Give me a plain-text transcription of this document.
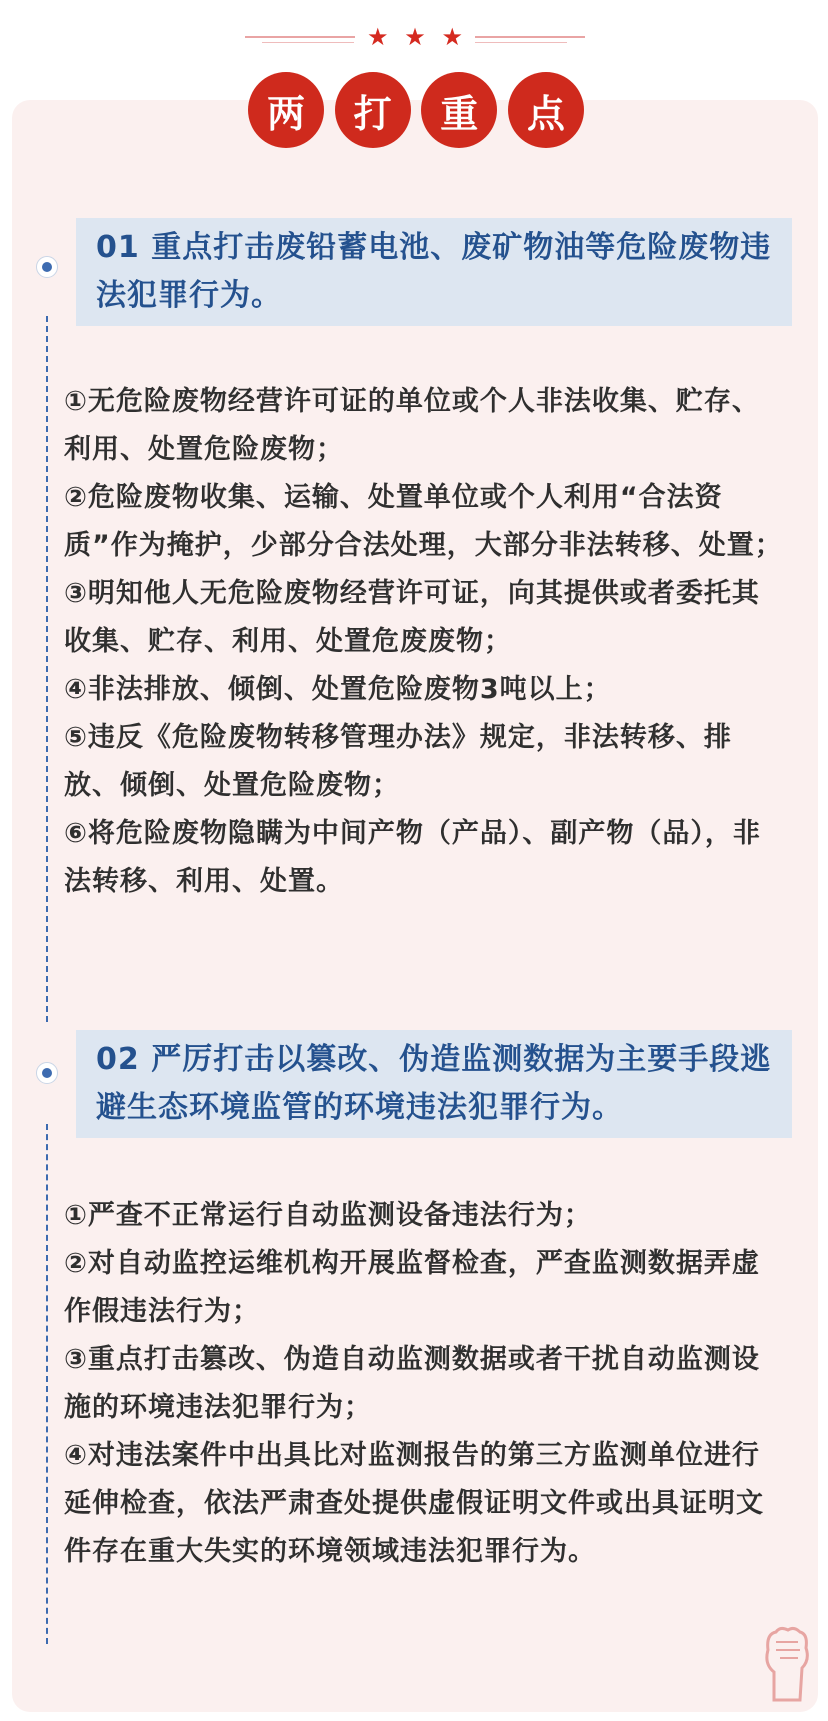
★ ★ ★
两	打	重	点
01 重点打击废铅蓄电池、废矿物油等危险废物违法犯罪行为。

①无危险废物经营许可证的单位或个人非法收集、贮存、利用、处置危险废物；

②危险废物收集、运输、处置单位或个人利用“合法资质”作为掩护，少部分合法处理，大部分非法转移、处置；

③明知他人无危险废物经营许可证，向其提供或者委托其收集、贮存、利用、处置危废废物；

④非法排放、倾倒、处置危险废物3吨以上；

⑤违反《危险废物转移管理办法》规定，非法转移、排放、倾倒、处置危险废物；

⑥将危险废物隐瞒为中间产物（产品）、副产物（品），非法转移、利用、处置。

02 严厉打击以篡改、伪造监测数据为主要手段逃避生态环境监管的环境违法犯罪行为。

①严查不正常运行自动监测设备违法行为；

②对自动监控运维机构开展监督检查，严查监测数据弄虚作假违法行为；

③重点打击篡改、伪造自动监测数据或者干扰自动监测设施的环境违法犯罪行为；

④对违法案件中出具比对监测报告的第三方监测单位进行延伸检查，依法严肃查处提供虚假证明文件或出具证明文件存在重大失实的环境领域违法犯罪行为。
